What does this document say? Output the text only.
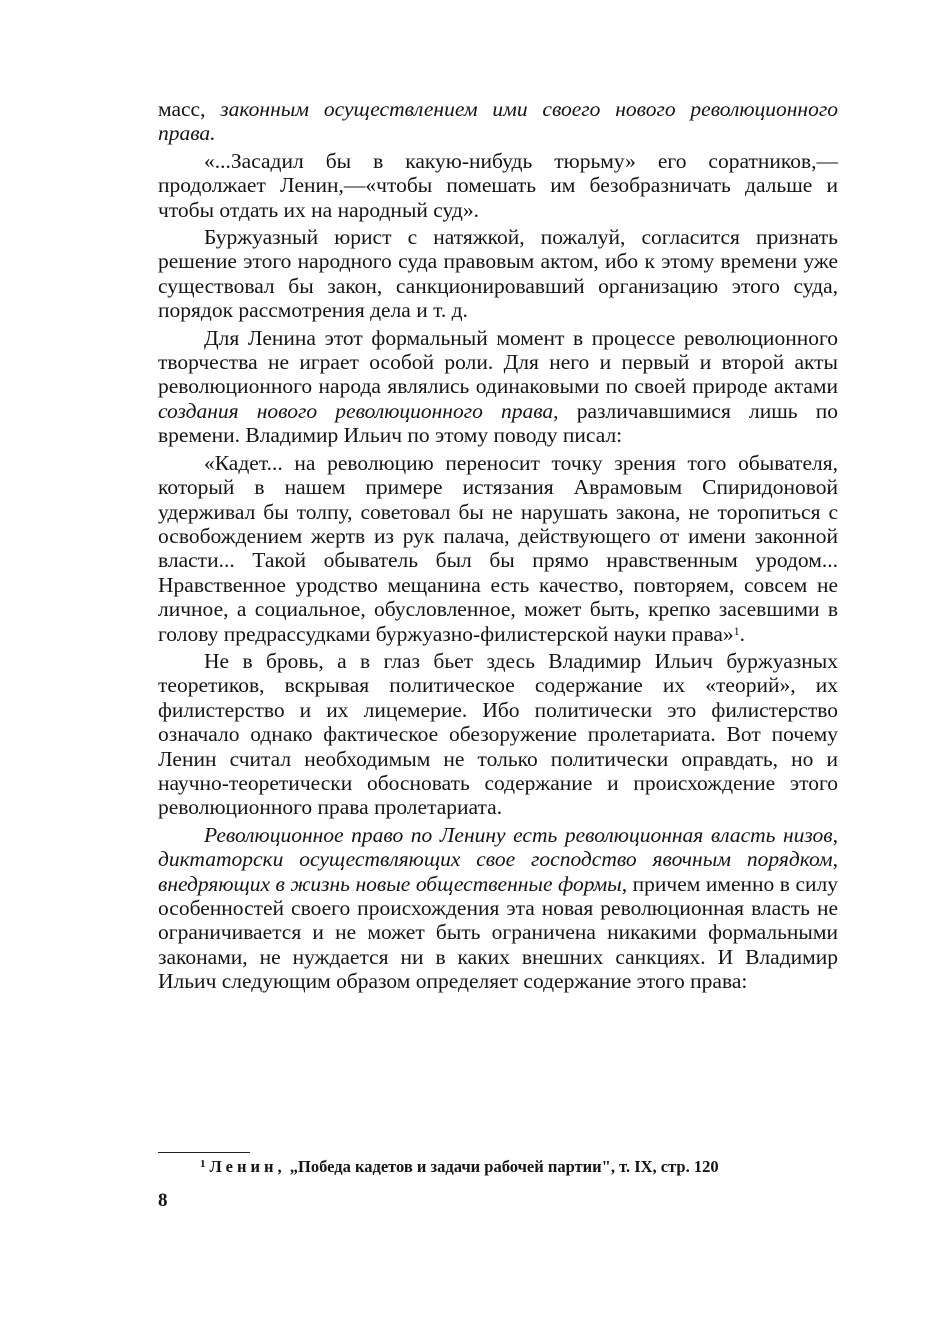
масс, законным осуществлением ими своего нового революционного права.

«...Засадил бы в какую-нибудь тюрьму» его соратников,—продолжает Ленин,—«чтобы помешать им безобразничать дальше и чтобы отдать их на народный суд».

Буржуазный юрист с натяжкой, пожалуй, согласится признать решение этого народного суда правовым актом, ибо к этому времени уже существовал бы закон, санкционировавший организацию этого суда, порядок рассмотрения дела и т. д.

Для Ленина этот формальный момент в процессе революционного творчества не играет особой роли. Для него и первый и второй акты революционного народа являлись одинаковыми по своей природе актами создания нового революционного права, различавшимися лишь по времени. Владимир Ильич по этому поводу писал:

«Кадет... на революцию переносит точку зрения того обывателя, который в нашем примере истязания Аврамовым Спиридоновой удерживал бы толпу, советовал бы не нарушать закона, не торопиться с освобождением жертв из рук палача, действующего от имени законной власти... Такой обыватель был бы прямо нравственным уродом... Нравственное уродство мещанина есть качество, повторяем, совсем не личное, а социальное, обусловленное, может быть, крепко засевшими в голову предрассудками буржуазно-филистерской науки права»$^1$.

Не в бровь, а в глаз бьет здесь Владимир Ильич буржуазных теоретиков, вскрывая политическое содержание их «теорий», их филистерство и их лицемерие. Ибо политически это филистерство означало однако фактическое обезоружение пролетариата. Вот почему Ленин считал необходимым не только политически оправдать, но и научно-теоретически обосновать содержание и происхождение этого революционного права пролетариата.

Революционное право по Ленину есть революционная власть низов, диктаторски осуществляющих свое господство явочным порядком, внедряющих в жизнь новые общественные формы, причем именно в силу особенностей своего происхождения эта новая революционная власть не ограничивается и не может быть ограничена никакими формальными законами, не нуждается ни в каких внешних санкциях. И Владимир Ильич следующим образом определяет содержание этого права:

$^1$ Ленин, „Победа кадетов и задачи рабочей партии", т. IX, стр. 120
8
